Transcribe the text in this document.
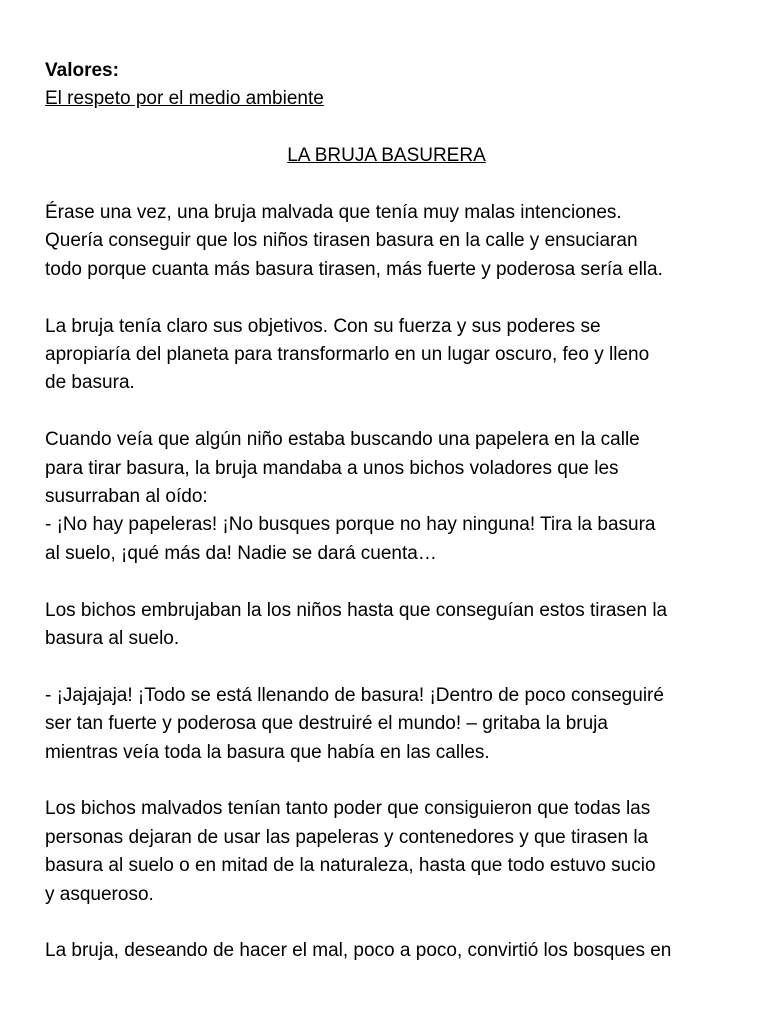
Valores:

El respeto por el medio ambiente

LA BRUJA BASURERA

Érase una vez, una bruja malvada que tenía muy malas intenciones.
Quería conseguir que los niños tirasen basura en la calle y ensuciaran
todo porque cuanta más basura tirasen, más fuerte y poderosa sería ella.

La bruja tenía claro sus objetivos. Con su fuerza y sus poderes se
apropiaría del planeta para transformarlo en un lugar oscuro, feo y lleno
de basura.

Cuando veía que algún niño estaba buscando una papelera en la calle
para tirar basura, la bruja mandaba a unos bichos voladores que les
susurraban al oído:

- ¡No hay papeleras! ¡No busques porque no hay ninguna! Tira la basura
al suelo, ¡qué más da! Nadie se dará cuenta…

Los bichos embrujaban la los niños hasta que conseguían estos tirasen la
basura al suelo.

- ¡Jajajaja! ¡Todo se está llenando de basura! ¡Dentro de poco conseguiré
ser tan fuerte y poderosa que destruiré el mundo! – gritaba la bruja
mientras veía toda la basura que había en las calles.

Los bichos malvados tenían tanto poder que consiguieron que todas las
personas dejaran de usar las papeleras y contenedores y que tirasen la
basura al suelo o en mitad de la naturaleza, hasta que todo estuvo sucio
y asqueroso.

La bruja, deseando de hacer el mal, poco a poco, convirtió los bosques en
